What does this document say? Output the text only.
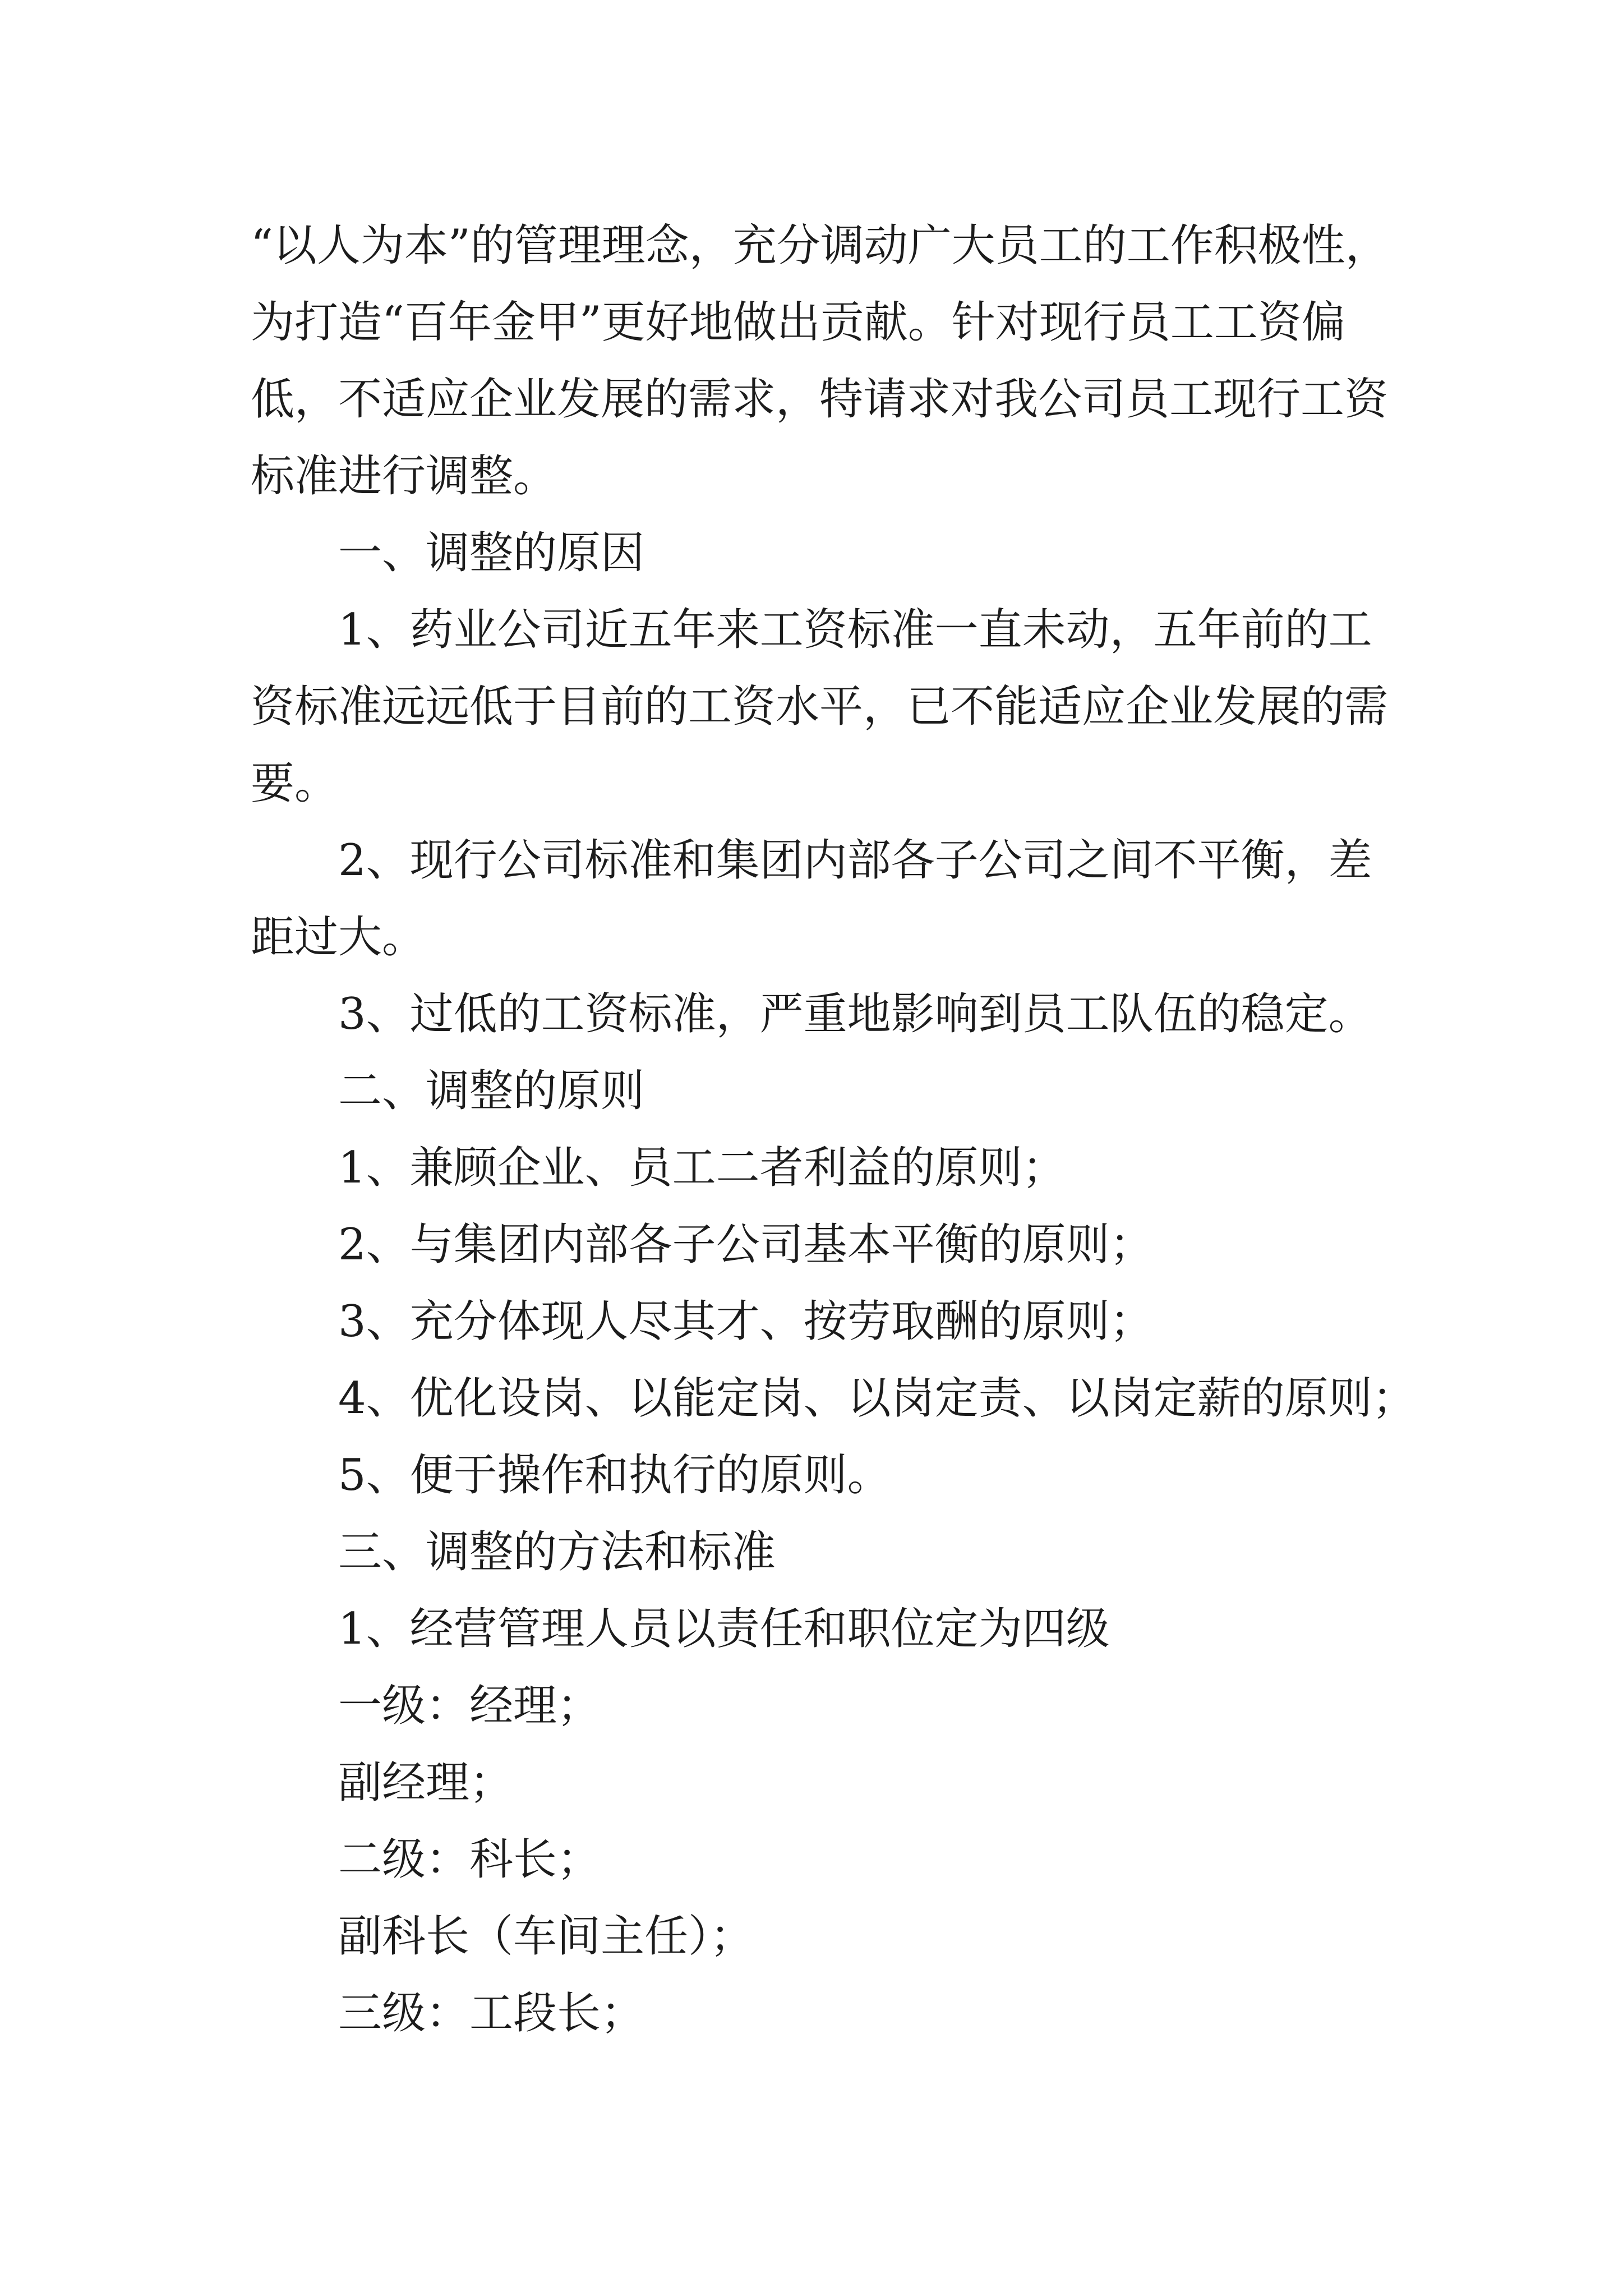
“以人为本”的管理理念，充分调动广大员工的工作积极性，
为打造“百年金甲”更好地做出贡献。针对现行员工工资偏
低，不适应企业发展的需求，特请求对我公司员工现行工资
标准进行调整。
一、调整的原因
1、药业公司近五年来工资标准一直未动，五年前的工
资标准远远低于目前的工资水平，已不能适应企业发展的需
要。
2、现行公司标准和集团内部各子公司之间不平衡，差
距过大。
3、过低的工资标准，严重地影响到员工队伍的稳定。
二、调整的原则
1、兼顾企业、员工二者利益的原则；
2、与集团内部各子公司基本平衡的原则；
3、充分体现人尽其才、按劳取酬的原则；
4、优化设岗、以能定岗、以岗定责、以岗定薪的原则；
5、便于操作和执行的原则。
三、调整的方法和标准
1、经营管理人员以责任和职位定为四级
一级：经理；
副经理；
二级：科长；
副科长（车间主任）；
三级：工段长；
